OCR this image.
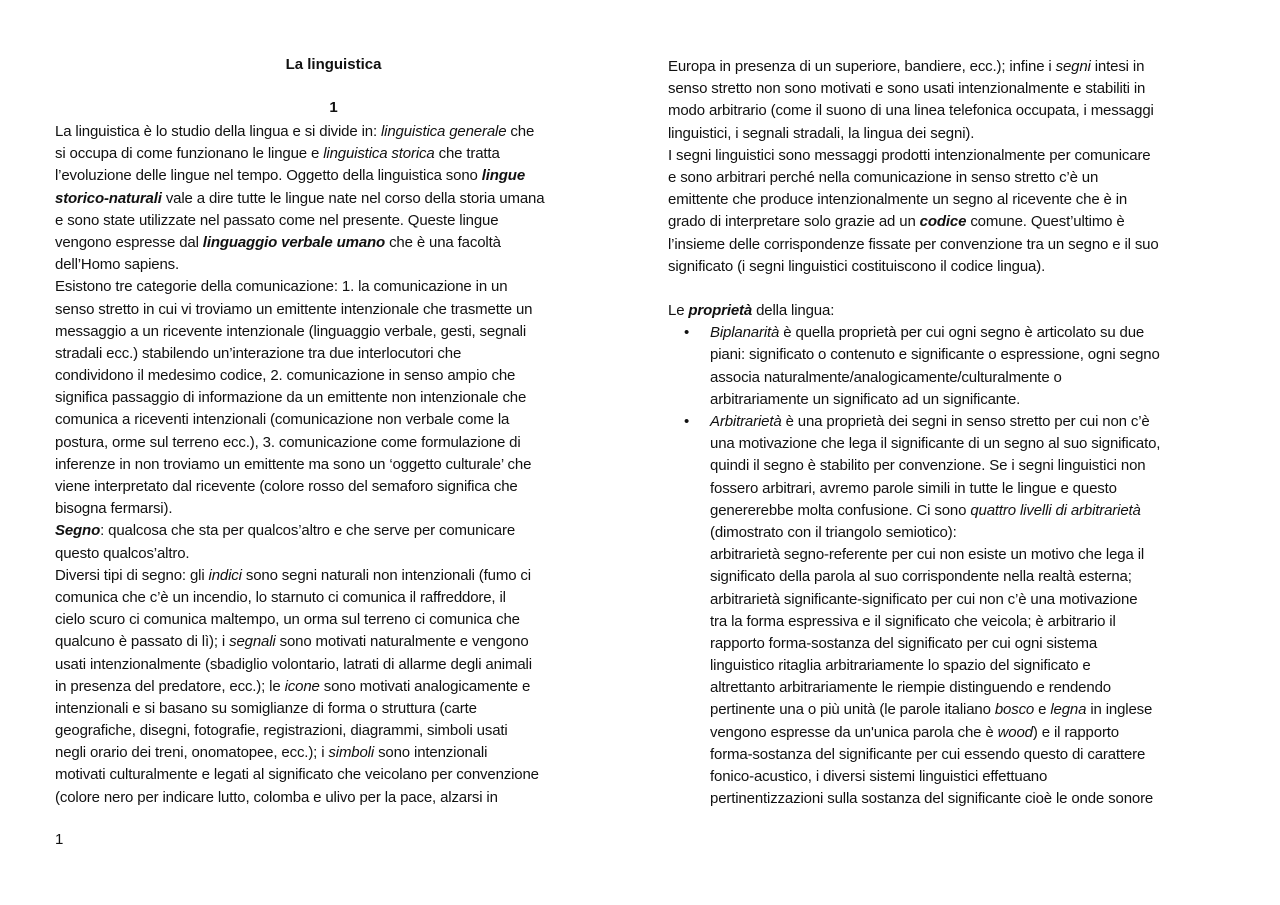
La linguistica
1
La linguistica è lo studio della lingua e si divide in: linguistica generale che
si occupa di come funzionano le lingue e linguistica storica che tratta
l’evoluzione delle lingue nel tempo. Oggetto della linguistica sono lingue
storico-naturali vale a dire tutte le lingue nate nel corso della storia umana
e sono state utilizzate nel passato come nel presente. Queste lingue
vengono espresse dal linguaggio verbale umano che è una facoltà
dell’Homo sapiens.
Esistono tre categorie della comunicazione: 1. la comunicazione in un
senso stretto in cui vi troviamo un emittente intenzionale che trasmette un
messaggio a un ricevente intenzionale (linguaggio verbale, gesti, segnali
stradali ecc.) stabilendo un’interazione tra due interlocutori che
condividono il medesimo codice, 2. comunicazione in senso ampio che
significa passaggio di informazione da un emittente non intenzionale che
comunica a riceventi intenzionali (comunicazione non verbale come la
postura, orme sul terreno ecc.), 3. comunicazione come formulazione di
inferenze in non troviamo un emittente ma sono un ‘oggetto culturale’ che
viene interpretato dal ricevente (colore rosso del semaforo significa che
bisogna fermarsi).
Segno: qualcosa che sta per qualcos’altro e che serve per comunicare
questo qualcos’altro.
Diversi tipi di segno: gli indici sono segni naturali non intenzionali (fumo ci
comunica che c’è un incendio, lo starnuto ci comunica il raffreddore, il
cielo scuro ci comunica maltempo, un orma sul terreno ci comunica che
qualcuno è passato di lì); i segnali sono motivati naturalmente e vengono
usati intenzionalmente (sbadiglio volontario, latrati di allarme degli animali
in presenza del predatore, ecc.); le icone sono motivati analogicamente e
intenzionali e si basano su somiglianze di forma o struttura (carte
geografiche, disegni, fotografie, registrazioni, diagrammi, simboli usati
negli orario dei treni, onomatopee, ecc.); i simboli sono intenzionali
motivati culturalmente e legati al significato che veicolano per convenzione
(colore nero per indicare lutto, colomba e ulivo per la pace, alzarsi in
Europa in presenza di un superiore, bandiere, ecc.); infine i segni intesi in
senso stretto non sono motivati e sono usati intenzionalmente e stabiliti in
modo arbitrario (come il suono di una linea telefonica occupata, i messaggi
linguistici, i segnali stradali, la lingua dei segni).
I segni linguistici sono messaggi prodotti intenzionalmente per comunicare
e sono arbitrari perché nella comunicazione in senso stretto c’è un
emittente che produce intenzionalmente un segno al ricevente che è in
grado di interpretare solo grazie ad un codice comune. Quest’ultimo è
l’insieme delle corrispondenze fissate per convenzione tra un segno e il suo
significato (i segni linguistici costituiscono il codice lingua).
Le proprietà della lingua:
• Biplanarità è quella proprietà per cui ogni segno è articolato su due
piani: significato o contenuto e significante o espressione, ogni segno
associa naturalmente/analogicamente/culturalmente o
arbitrariamente un significato ad un significante.
• Arbitrarietà è una proprietà dei segni in senso stretto per cui non c’è
una motivazione che lega il significante di un segno al suo significato,
quindi il segno è stabilito per convenzione. Se i segni linguistici non
fossero arbitrari, avremo parole simili in tutte le lingue e questo
genererebbe molta confusione. Ci sono quattro livelli di arbitrarietà
(dimostrato con il triangolo semiotico):
arbitrarietà segno-referente per cui non esiste un motivo che lega il
significato della parola al suo corrispondente nella realtà esterna;
arbitrarietà significante-significato per cui non c’è una motivazione
tra la forma espressiva e il significato che veicola; è arbitrario il
rapporto forma-sostanza del significato per cui ogni sistema
linguistico ritaglia arbitrariamente lo spazio del significato e
altrettanto arbitrariamente le riempie distinguendo e rendendo
pertinente una o più unità (le parole italiano bosco e legna in inglese
vengono espresse da un'unica parola che è wood) e il rapporto
forma-sostanza del significante per cui essendo questo di carattere
fonico-acustico, i diversi sistemi linguistici effettuano
pertinentizzazioni sulla sostanza del significante cioè le onde sonore
1
